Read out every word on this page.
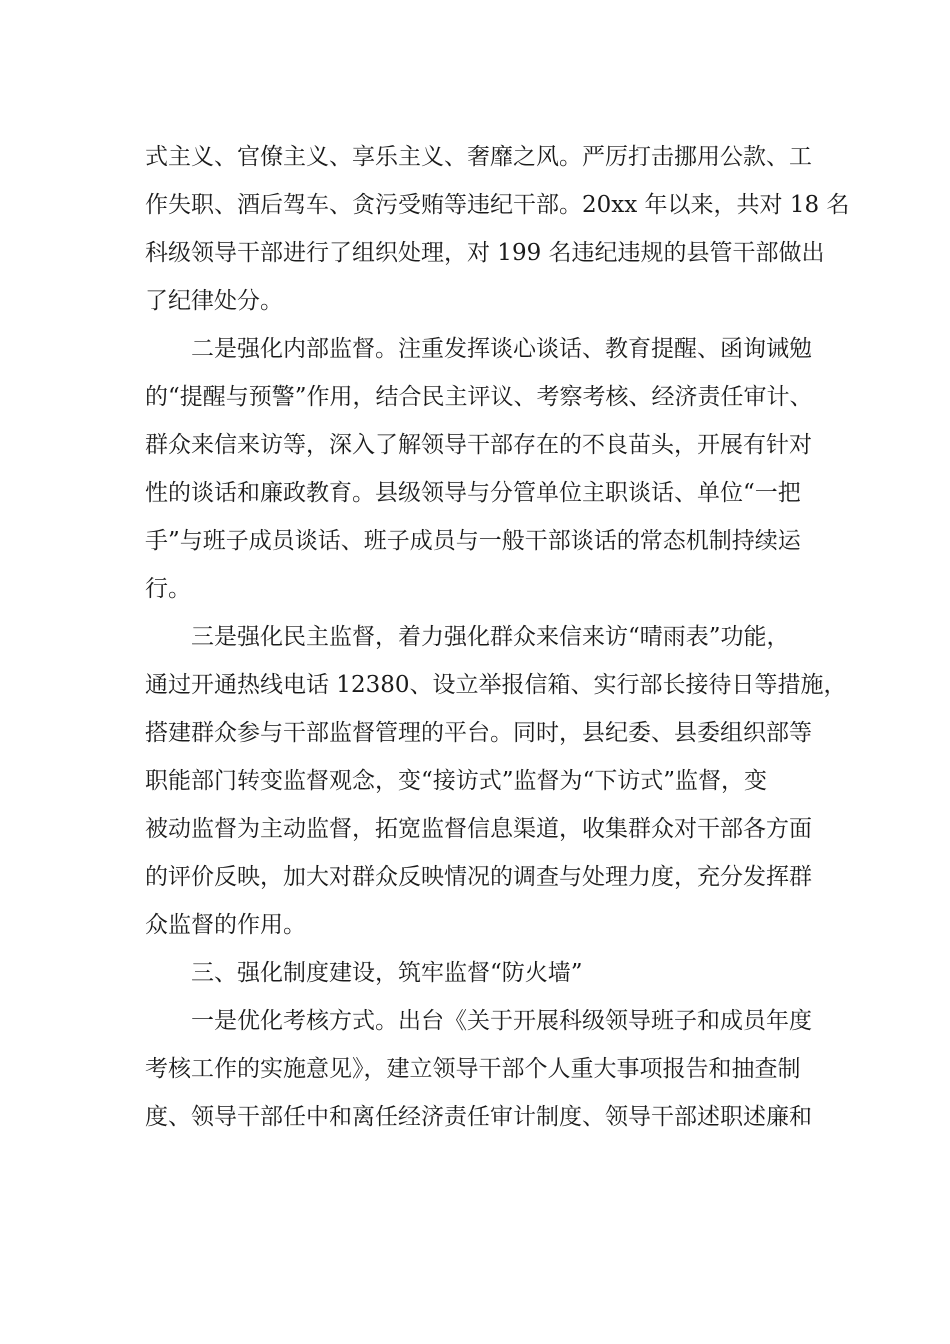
式主义、官僚主义、享乐主义、奢靡之风。严厉打击挪用公款、工
作失职、酒后驾车、贪污受贿等违纪干部。20xx 年以来，共对 18 名
科级领导干部进行了组织处理，对 199 名违纪违规的县管干部做出
了纪律处分。
　　二是强化内部监督。注重发挥谈心谈话、教育提醒、函询诫勉
的“提醒与预警”作用，结合民主评议、考察考核、经济责任审计、
群众来信来访等，深入了解领导干部存在的不良苗头，开展有针对
性的谈话和廉政教育。县级领导与分管单位主职谈话、单位“一把
手”与班子成员谈话、班子成员与一般干部谈话的常态机制持续运
行。
　　三是强化民主监督，着力强化群众来信来访“晴雨表”功能，
通过开通热线电话 12380、设立举报信箱、实行部长接待日等措施，
搭建群众参与干部监督管理的平台。同时，县纪委、县委组织部等
职能部门转变监督观念，变“接访式”监督为“下访式”监督，变
被动监督为主动监督，拓宽监督信息渠道，收集群众对干部各方面
的评价反映，加大对群众反映情况的调查与处理力度，充分发挥群
众监督的作用。
　　三、强化制度建设，筑牢监督“防火墙”
　　一是优化考核方式。出台《关于开展科级领导班子和成员年度
考核工作的实施意见》，建立领导干部个人重大事项报告和抽查制
度、领导干部任中和离任经济责任审计制度、领导干部述职述廉和
